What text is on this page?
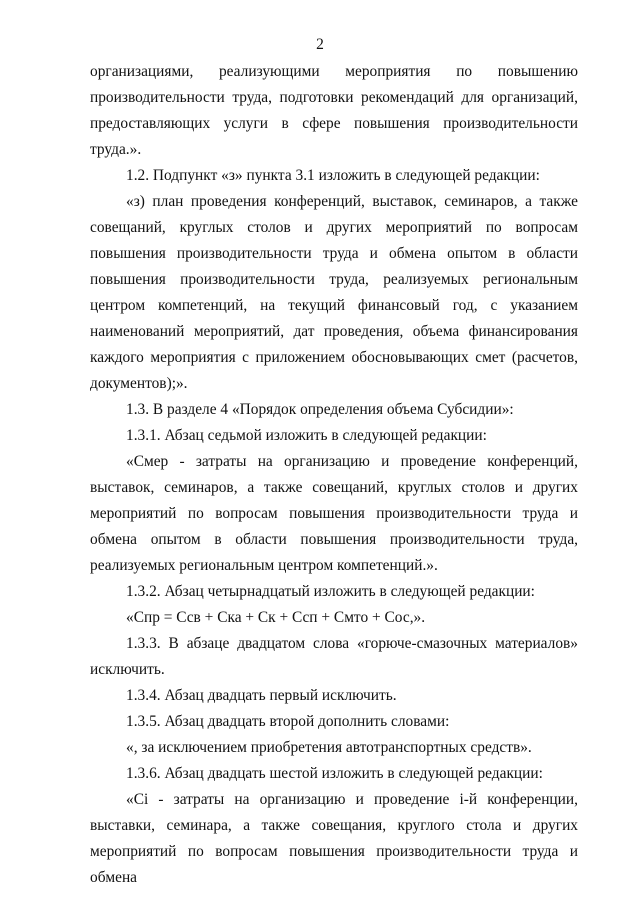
2

организациями, реализующими мероприятия по повышению производительности труда, подготовки рекомендаций для организаций, предоставляющих услуги в сфере повышения производительности труда.».

1.2. Подпункт «з» пункта 3.1 изложить в следующей редакции:

«з) план проведения конференций, выставок, семинаров, а также совещаний, круглых столов и других мероприятий по вопросам повышения производительности труда и обмена опытом в области повышения производительности труда, реализуемых региональным центром компетенций, на текущий финансовый год, с указанием наименований мероприятий, дат проведения, объема финансирования каждого мероприятия с приложением обосновывающих смет (расчетов, документов);».

1.3. В разделе 4 «Порядок определения объема Субсидии»:

1.3.1. Абзац седьмой изложить в следующей редакции:

«Смер - затраты на организацию и проведение конференций, выставок, семинаров, а также совещаний, круглых столов и других мероприятий по вопросам повышения производительности труда и обмена опытом в области повышения производительности труда, реализуемых региональным центром компетенций.».

1.3.2. Абзац четырнадцатый изложить в следующей редакции:

«Спр = Ссв + Cка + Ск + Ссп + Смто + Сос,».

1.3.3. В абзаце двадцатом слова «горюче-смазочных материалов» исключить.

1.3.4. Абзац двадцать первый исключить.

1.3.5. Абзац двадцать второй дополнить словами:

«, за исключением приобретения автотранспортных средств».

1.3.6. Абзац двадцать шестой изложить в следующей редакции:

«Сi - затраты на организацию и проведение i-й конференции, выставки, семинара, а также совещания, круглого стола и других мероприятий по вопросам повышения производительности труда и обмена
